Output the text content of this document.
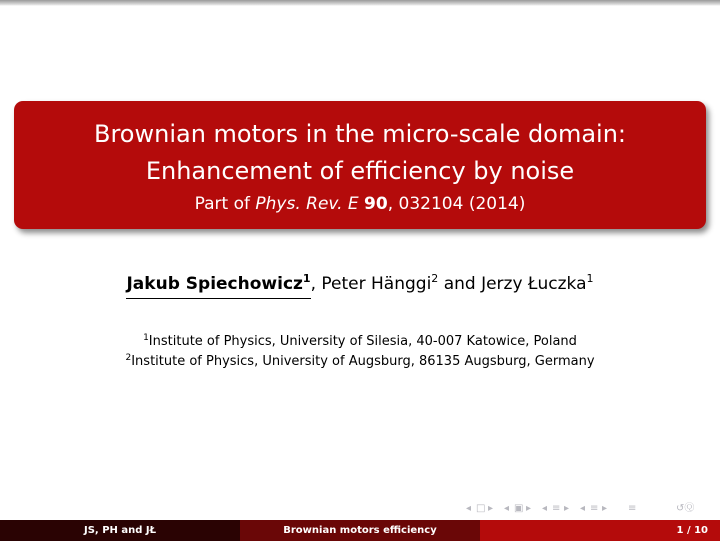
Brownian motors in the micro-scale domain:
Enhancement of efficiency by noise
Part of Phys. Rev. E 90, 032104 (2014)
Jakub Spiechowicz$^1$, Peter Hänggi$^2$ and Jerzy Łuczka$^1$
$^1$Institute of Physics, University of Silesia, 40-007 Katowice, Poland
$^2$Institute of Physics, University of Augsburg, 86135 Augsburg, Germany
◂ □ ▸ ◂ ▣ ▸ ◂ ≡ ▸ ◂ ≡ ▸ ≡	↺Ⓠ
JS, PH and JŁ	Brownian motors efficiency	1 / 10
